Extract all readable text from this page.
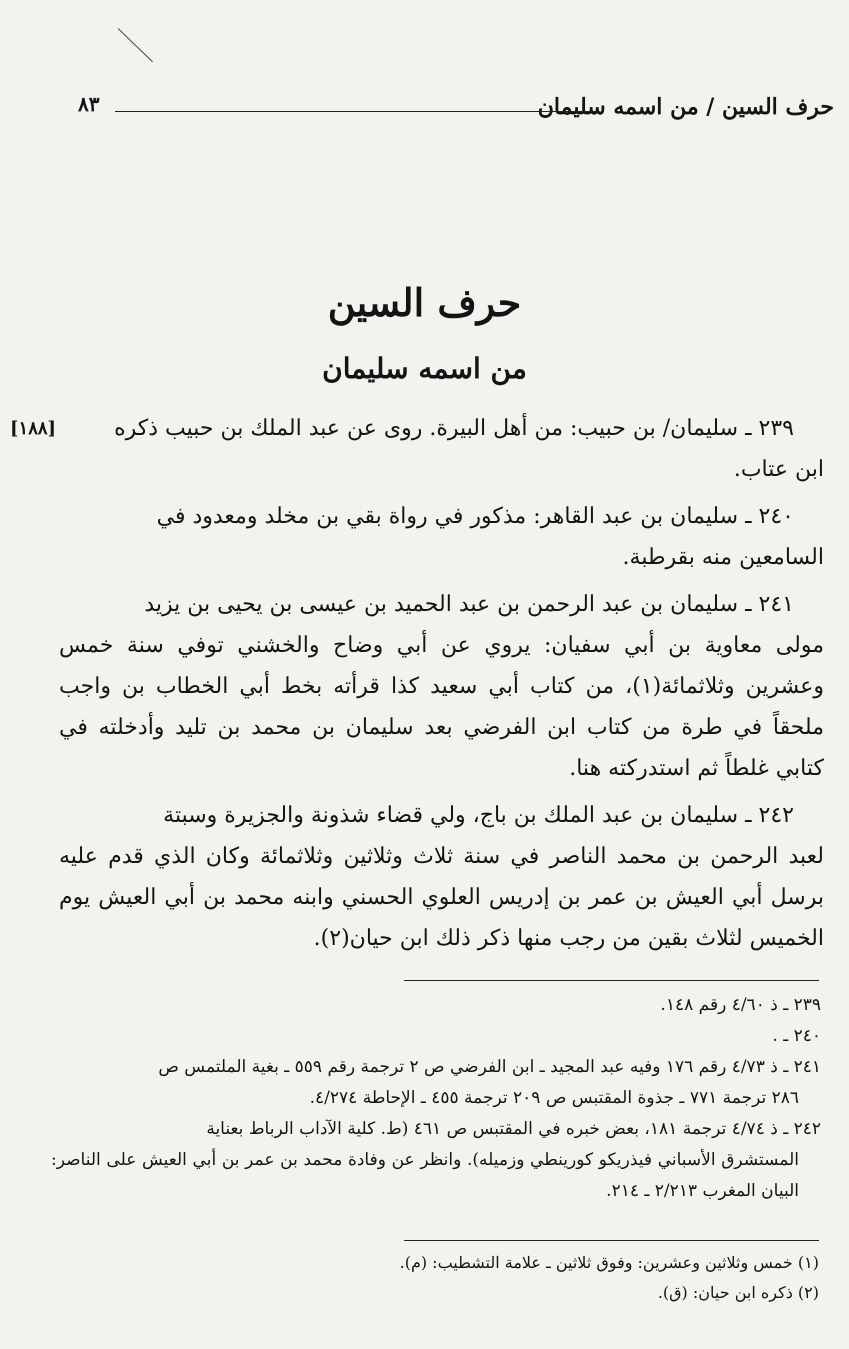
حرف السين / من اسمه سليمان
٨٣
حرف السين
من اسمه سليمان

[١٨٨]	٢٣٩ ـ سليمان/ بن حبيب: من أهل البيرة. روى عن عبد الملك بن حبيب ذكره
ابن عتاب.

٢٤٠ ـ سليمان بن عبد القاهر: مذكور في رواة بقي بن مخلد ومعدود في
السامعين منه بقرطبة.

٢٤١ ـ سليمان بن عبد الرحمن بن عبد الحميد بن عيسى بن يحيى بن يزيد
مولى معاوية بن أبي سفيان: يروي عن أبي وضاح والخشني توفي سنة خمس وعشرين وثلاثمائة(١)، من كتاب أبي سعيد كذا قرأته بخط أبي الخطاب بن واجب ملحقاً في طرة من كتاب ابن الفرضي بعد سليمان بن محمد بن تليد وأدخلته في كتابي غلطاً ثم استدركته هنا.

٢٤٢ ـ سليمان بن عبد الملك بن باج، ولي قضاء شذونة والجزيرة وسبتة
لعبد الرحمن بن محمد الناصر في سنة ثلاث وثلاثين وثلاثمائة وكان الذي قدم عليه برسل أبي العيش بن عمر بن إدريس العلوي الحسني وابنه محمد بن أبي العيش يوم الخميس لثلاث بقين من رجب منها ذكر ذلك ابن حيان(٢).

٢٣٩ ـ ذ ٤/٦٠ رقم ١٤٨.

٢٤٠ ـ .

٢٤١ ـ ذ ٤/٧٣ رقم ١٧٦ وفيه عبد المجيد ـ ابن الفرضي ص ٢ ترجمة رقم ٥٥٩ ـ بغية الملتمس ص
٢٨٦ ترجمة ٧٧١ ـ جذوة المقتبس ص ٢٠٩ ترجمة ٤٥٥ ـ الإحاطة ٤/٢٧٤.

٢٤٢ ـ ذ ٤/٧٤ ترجمة ١٨١، بعض خبره في المقتبس ص ٤٦١ (ط. كلية الآداب الرباط بعناية
المستشرق الأسباني فيذريكو كورينطي وزميله). وانظر عن وفادة محمد بن عمر بن أبي العيش على الناصر: البيان المغرب ٢/٢١٣ ـ ٢١٤.

(١) خمس وثلاثين وعشرين: وفوق ثلاثين ـ علامة التشطيب: (م).

(٢) ذكره ابن حيان: (ق).
